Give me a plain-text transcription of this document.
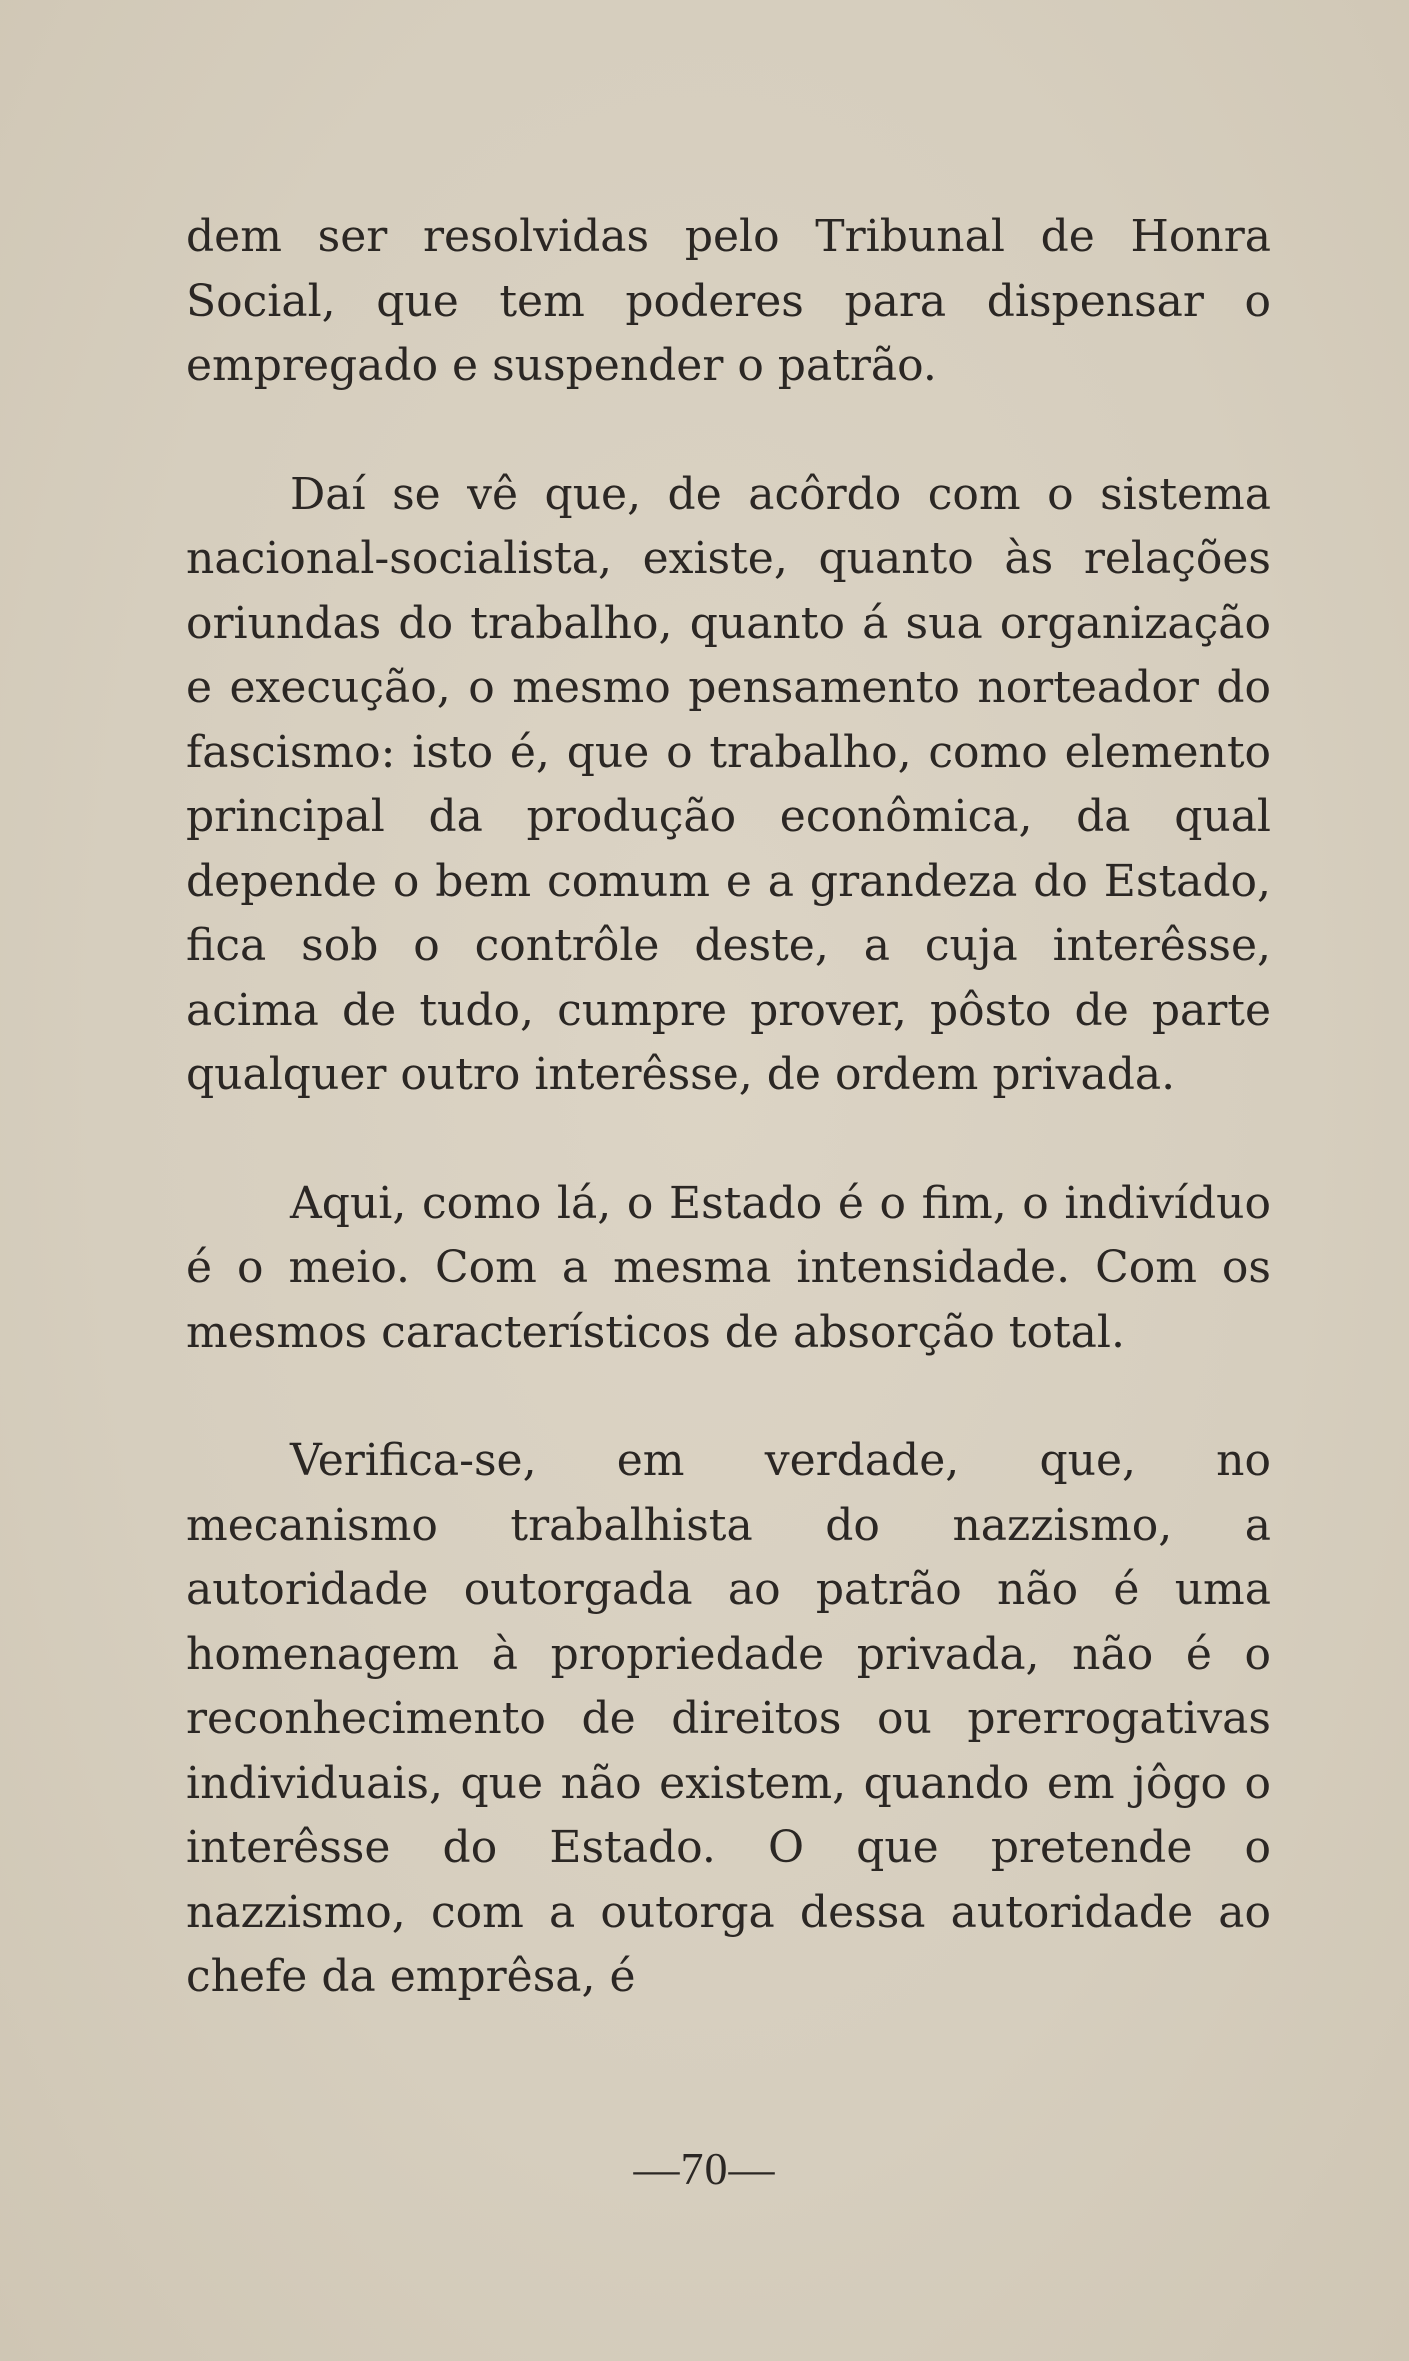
dem ser resolvidas pelo Tribunal de Honra Social, que tem poderes para dispensar o empregado e suspender o patrão.

Daí se vê que, de acôrdo com o sistema nacional-socialista, existe, quanto às relações oriundas do trabalho, quanto á sua organização e execução, o mesmo pensamento norteador do fascismo: isto é, que o trabalho, como elemento principal da produção econômica, da qual depende o bem comum e a grandeza do Estado, fica sob o contrôle deste, a cuja interêsse, acima de tudo, cumpre prover, pôsto de parte qualquer outro interêsse, de ordem privada.

Aqui, como lá, o Estado é o fim, o indivíduo é o meio. Com a mesma intensidade. Com os mesmos característicos de absorção total.

Verifica-se, em verdade, que, no mecanismo trabalhista do nazzismo, a autoridade outorgada ao patrão não é uma homenagem à propriedade privada, não é o reconhecimento de direitos ou prerrogativas individuais, que não existem, quando em jôgo o interêsse do Estado. O que pretende o nazzismo, com a outorga dessa autoridade ao chefe da emprêsa, é

—70—
